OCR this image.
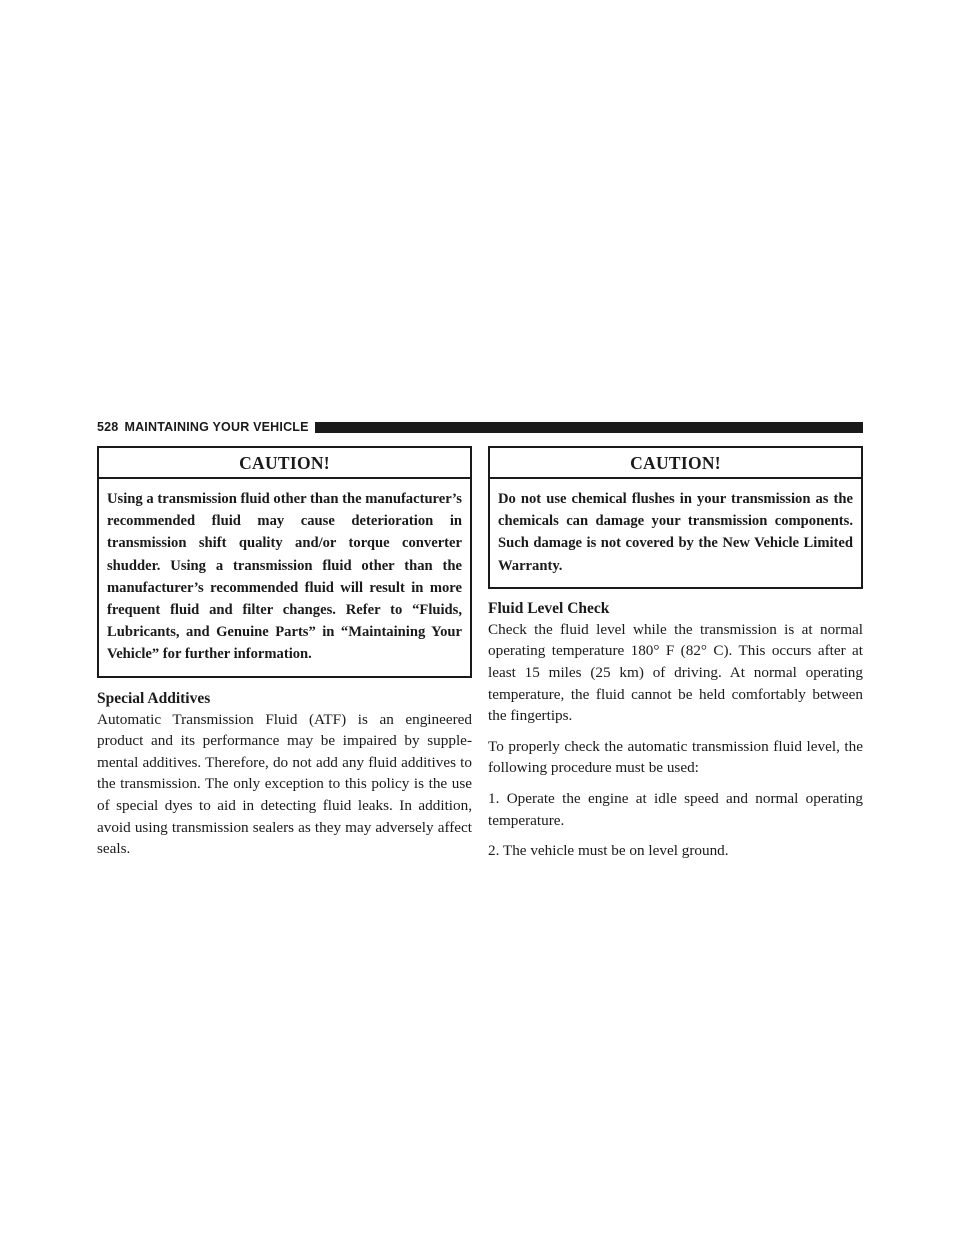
528 MAINTAINING YOUR VEHICLE
CAUTION!
Using a transmission fluid other than the manufacturer’s recommended fluid may cause deterioration in transmission shift quality and/or torque converter shudder. Using a transmission fluid other than the manufacturer’s recommended fluid will result in more frequent fluid and filter changes. Refer to “Fluids, Lubricants, and Genuine Parts” in “Maintaining Your Vehicle” for further information.
Special Additives

Automatic Transmission Fluid (ATF) is an engineered product and its performance may be impaired by supplemental additives. Therefore, do not add any fluid additives to the transmission. The only exception to this policy is the use of special dyes to aid in detecting fluid leaks. In addition, avoid using transmission sealers as they may adversely affect seals.

CAUTION!
Do not use chemical flushes in your transmission as the chemicals can damage your transmission components. Such damage is not covered by the New Vehicle Limited Warranty.
Fluid Level Check

Check the fluid level while the transmission is at normal operating temperature 180° F (82° C). This occurs after at least 15 miles (25 km) of driving. At normal operating temperature, the fluid cannot be held comfortably between the fingertips.

To properly check the automatic transmission fluid level, the following procedure must be used:

1. Operate the engine at idle speed and normal operating temperature.

2. The vehicle must be on level ground.
